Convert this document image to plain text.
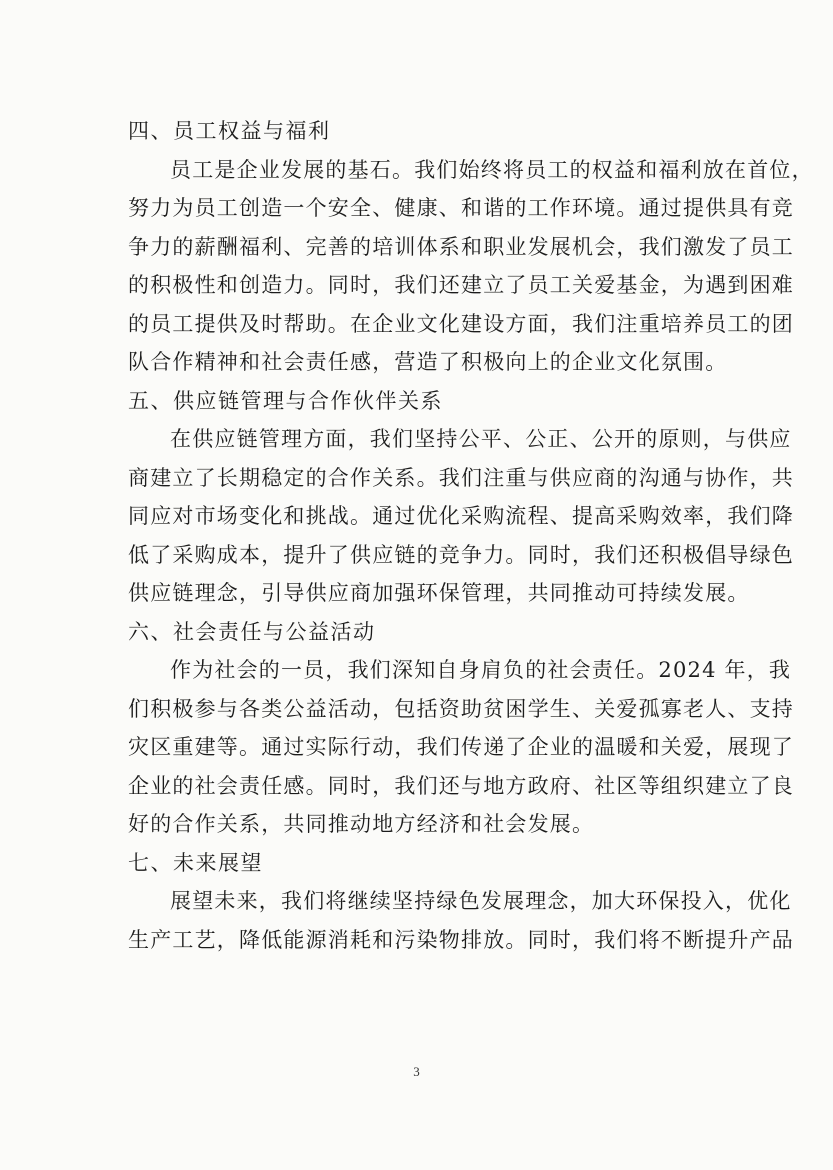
四、员工权益与福利
员工是企业发展的基石。我们始终将员工的权益和福利放在首位，
努力为员工创造一个安全、健康、和谐的工作环境。通过提供具有竞
争力的薪酬福利、完善的培训体系和职业发展机会，我们激发了员工
的积极性和创造力。同时，我们还建立了员工关爱基金，为遇到困难
的员工提供及时帮助。在企业文化建设方面，我们注重培养员工的团
队合作精神和社会责任感，营造了积极向上的企业文化氛围。
五、供应链管理与合作伙伴关系
在供应链管理方面，我们坚持公平、公正、公开的原则，与供应
商建立了长期稳定的合作关系。我们注重与供应商的沟通与协作，共
同应对市场变化和挑战。通过优化采购流程、提高采购效率，我们降
低了采购成本，提升了供应链的竞争力。同时，我们还积极倡导绿色
供应链理念，引导供应商加强环保管理，共同推动可持续发展。
六、社会责任与公益活动
作为社会的一员，我们深知自身肩负的社会责任。2024 年，我
们积极参与各类公益活动，包括资助贫困学生、关爱孤寡老人、支持
灾区重建等。通过实际行动，我们传递了企业的温暖和关爱，展现了
企业的社会责任感。同时，我们还与地方政府、社区等组织建立了良
好的合作关系，共同推动地方经济和社会发展。
七、未来展望
展望未来，我们将继续坚持绿色发展理念，加大环保投入，优化
生产工艺，降低能源消耗和污染物排放。同时，我们将不断提升产品
3
